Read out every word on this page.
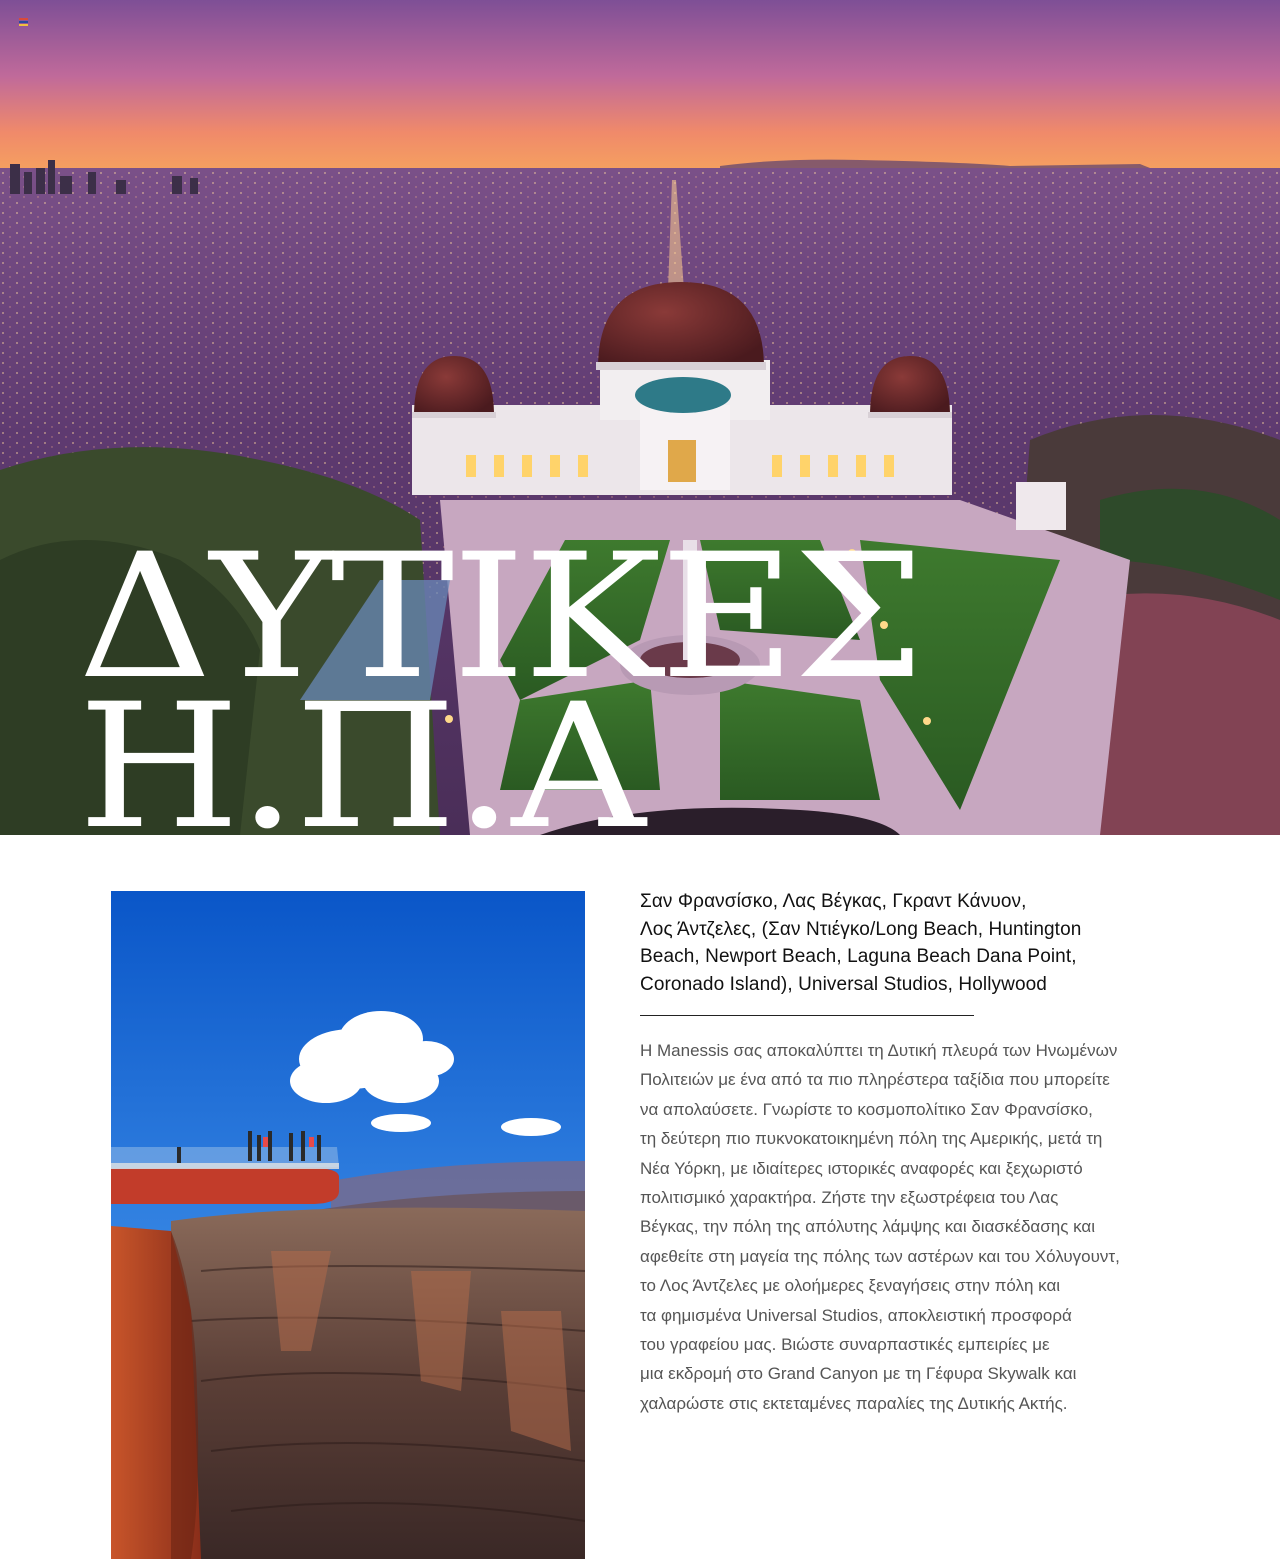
ΔΥΤΙΚΕΣ
Η.Π.Α

Σαν Φρανσίσκο, Λας Βέγκας, Γκραντ Κάνυον,
Λος Άντζελες, (Σαν Ντιέγκο/Long Beach, Huntington
Beach, Newport Beach, Laguna Beach Dana Point,
Coronado Island), Universal Studios, Hollywood

Η Manessis σας αποκαλύπτει τη Δυτική πλευρά των Ηνωμένων
Πολιτειών με ένα από τα πιο πληρέστερα ταξίδια που μπορείτε
να απολαύσετε. Γνωρίστε το κοσμοπολίτικο Σαν Φρανσίσκο,
τη δεύτερη πιο πυκνοκατοικημένη πόλη της Αμερικής, μετά τη
Νέα Υόρκη, με ιδιαίτερες ιστορικές αναφορές και ξεχωριστό
πολιτισμικό χαρακτήρα. Ζήστε την εξωστρέφεια του Λας
Βέγκας, την πόλη της απόλυτης λάμψης και διασκέδασης και
αφεθείτε στη μαγεία της πόλης των αστέρων και του Χόλυγουντ,
το Λος Άντζελες με ολοήμερες ξεναγήσεις στην πόλη και
τα φημισμένα Universal Studios, αποκλειστική προσφορά
του γραφείου μας. Βιώστε συναρπαστικές εμπειρίες με
μια εκδρομή στο Grand Canyon με τη Γέφυρα Skywalk και
χαλαρώστε στις εκτεταμένες παραλίες της Δυτικής Ακτής.
